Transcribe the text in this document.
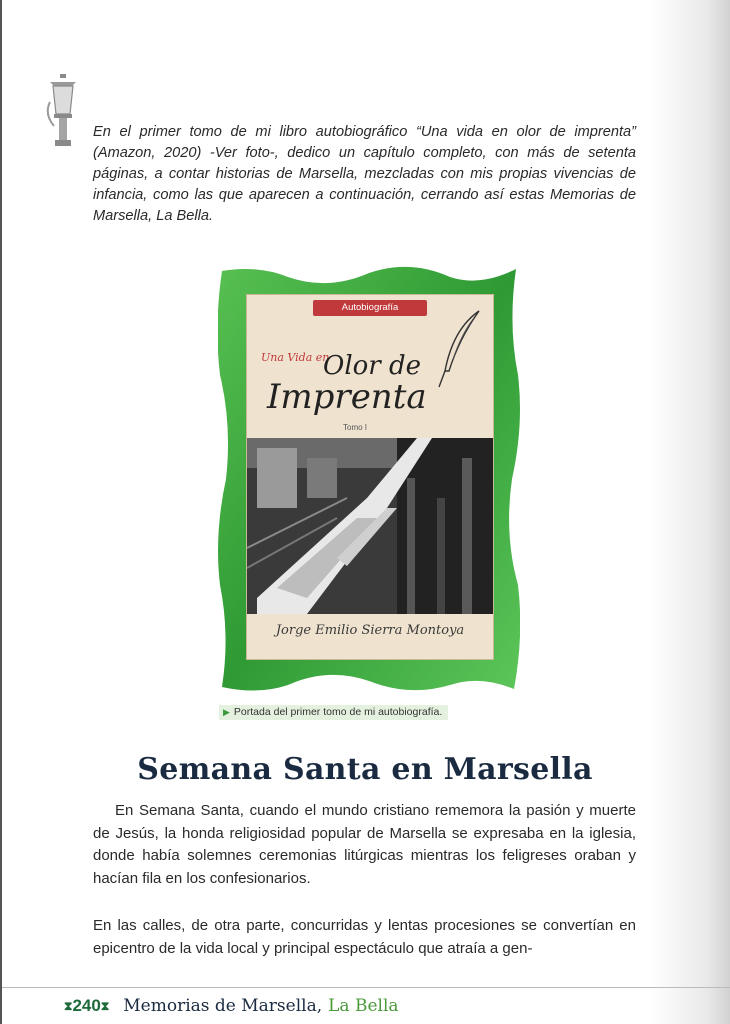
En el primer tomo de mi libro autobiográfico “Una vida en olor de imprenta” (Amazon, 2020) -Ver foto-, dedico un capítulo completo, con más de setenta páginas, a contar historias de Marsella, mezcladas con mis propias vivencias de infancia, como las que aparecen a continuación, cerrando así estas Memorias de Marsella, La Bella.

Autobiografía
Una Vida en
Olor de
Imprenta
Tomo I
Jorge Emilio Sierra Montoya
▶ Portada del primer tomo de mi autobiografía.
Semana Santa en Marsella

En Semana Santa, cuando el mundo cristiano rememora la pasión y muerte de Jesús, la honda religiosidad popular de Marsella se expresaba en la iglesia, donde había solemnes ceremonias litúrgicas mientras los feligreses oraban y hacían fila en los confesionarios.

En las calles, de otra parte, concurridas y lentas procesiones se convertían en epicentro de la vida local y principal espectáculo que atraía a gen-

⧗ 240 ⧗ Memorias de Marsella, La Bella
